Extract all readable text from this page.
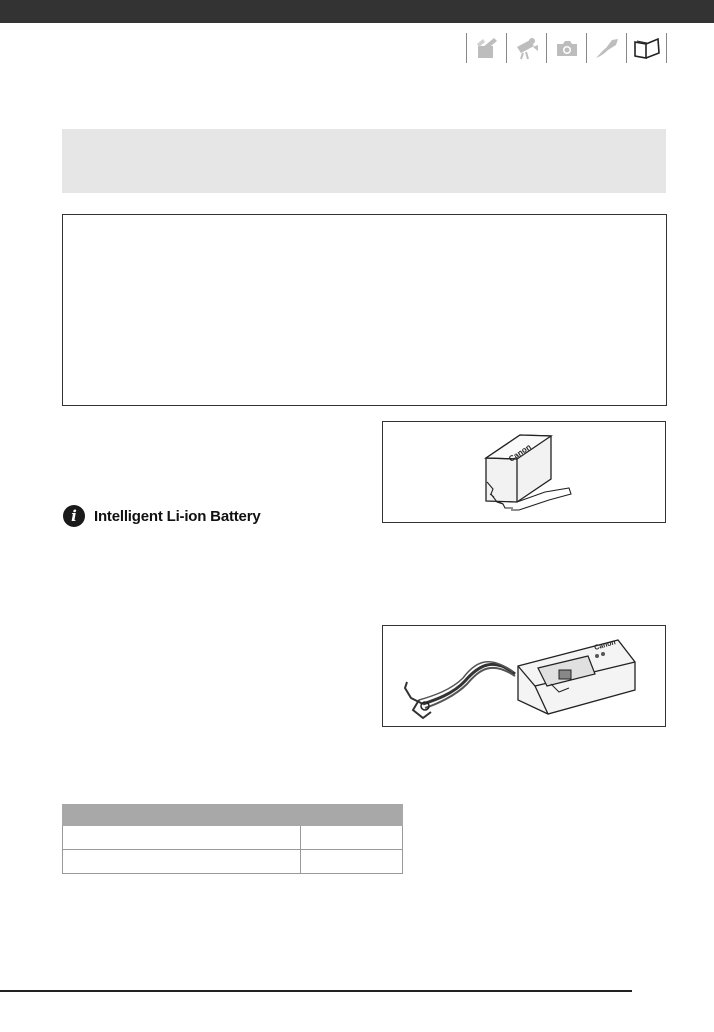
Canon
i	Intelligent Li-ion Battery
Canon
